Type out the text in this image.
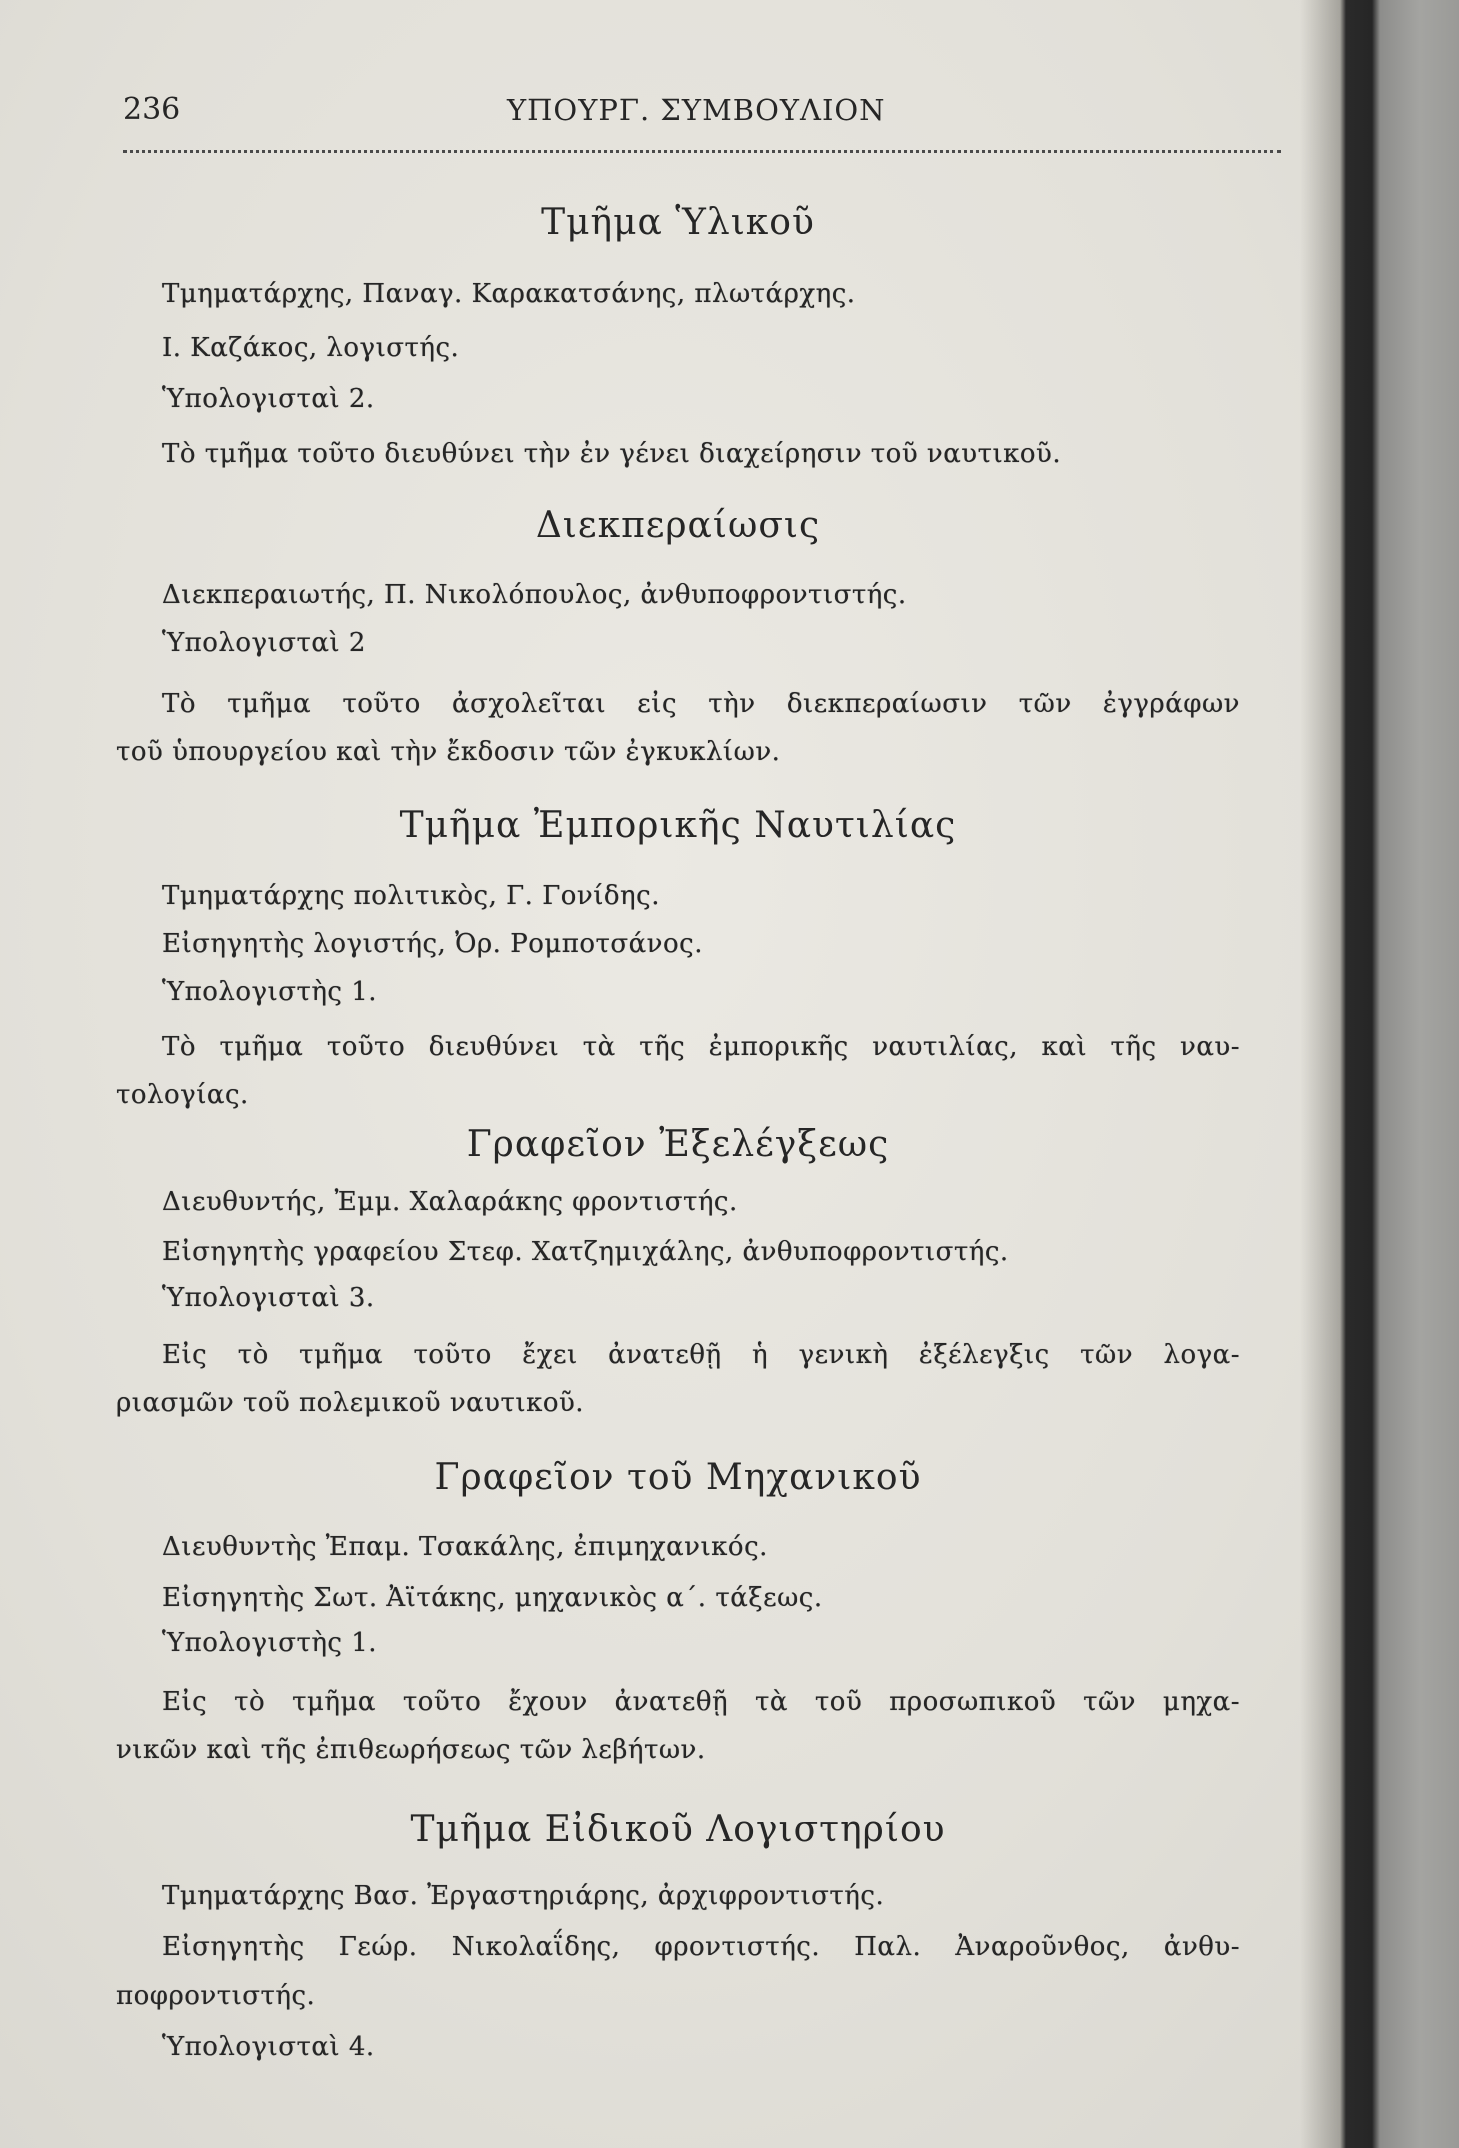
236	ΥΠΟΥΡΓ. ΣΥΜΒΟΥΛΙΟΝ
Τμῆμα Ὑλικοῦ
Τμηματάρχης, Παναγ. Καρακατσάνης, πλωτάρχης.
Ι. Καζάκος, λογιστής.
Ὑπολογισταὶ 2.
Τὸ τμῆμα τοῦτο διευθύνει τὴν ἐν γένει διαχείρησιν τοῦ ναυτικοῦ.
Διεκπεραίωσις
Διεκπεραιωτής, Π. Νικολόπουλος, ἀνθυποφροντιστής.
Ὑπολογισταὶ 2
Τὸ τμῆμα τοῦτο ἀσχολεῖται εἰς τὴν διεκπεραίωσιν τῶν ἐγγράφων
τοῦ ὑπουργείου καὶ τὴν ἔκδοσιν τῶν ἐγκυκλίων.
Τμῆμα Ἐμπορικῆς Ναυτιλίας
Τμηματάρχης πολιτικὸς, Γ. Γονίδης.
Εἰσηγητὴς λογιστής, Ὀρ. Ρομποτσάνος.
Ὑπολογιστὴς 1.
Τὸ τμῆμα τοῦτο διευθύνει τὰ τῆς ἐμπορικῆς ναυτιλίας, καὶ τῆς ναυ-
τολογίας.
Γραφεῖον Ἐξελέγξεως
Διευθυντής, Ἐμμ. Χαλαράκης φροντιστής.
Εἰσηγητὴς γραφείου Στεφ. Χατζημιχάλης, ἀνθυποφροντιστής.
Ὑπολογισταὶ 3.
Εἰς τὸ τμῆμα τοῦτο ἔχει ἀνατεθῇ ἡ γενικὴ ἐξέλεγξις τῶν λογα-
ριασμῶν τοῦ πολεμικοῦ ναυτικοῦ.
Γραφεῖον τοῦ Μηχανικοῦ
Διευθυντὴς Ἐπαμ. Τσακάλης, ἐπιμηχανικός.
Εἰσηγητὴς Σωτ. Ἀϊτάκης, μηχανικὸς α΄. τάξεως.
Ὑπολογιστὴς 1.
Εἰς τὸ τμῆμα τοῦτο ἔχουν ἀνατεθῇ τὰ τοῦ προσωπικοῦ τῶν μηχα-
νικῶν καὶ τῆς ἐπιθεωρήσεως τῶν λεβήτων.
Τμῆμα Εἰδικοῦ Λογιστηρίου
Τμηματάρχης Βασ. Ἐργαστηριάρης, ἀρχιφροντιστής.
Εἰσηγητὴς Γεώρ. Νικολαΐδης, φροντιστής. Παλ. Ἀναροῦνθος, ἀνθυ-
ποφροντιστής.
Ὑπολογισταὶ 4.
